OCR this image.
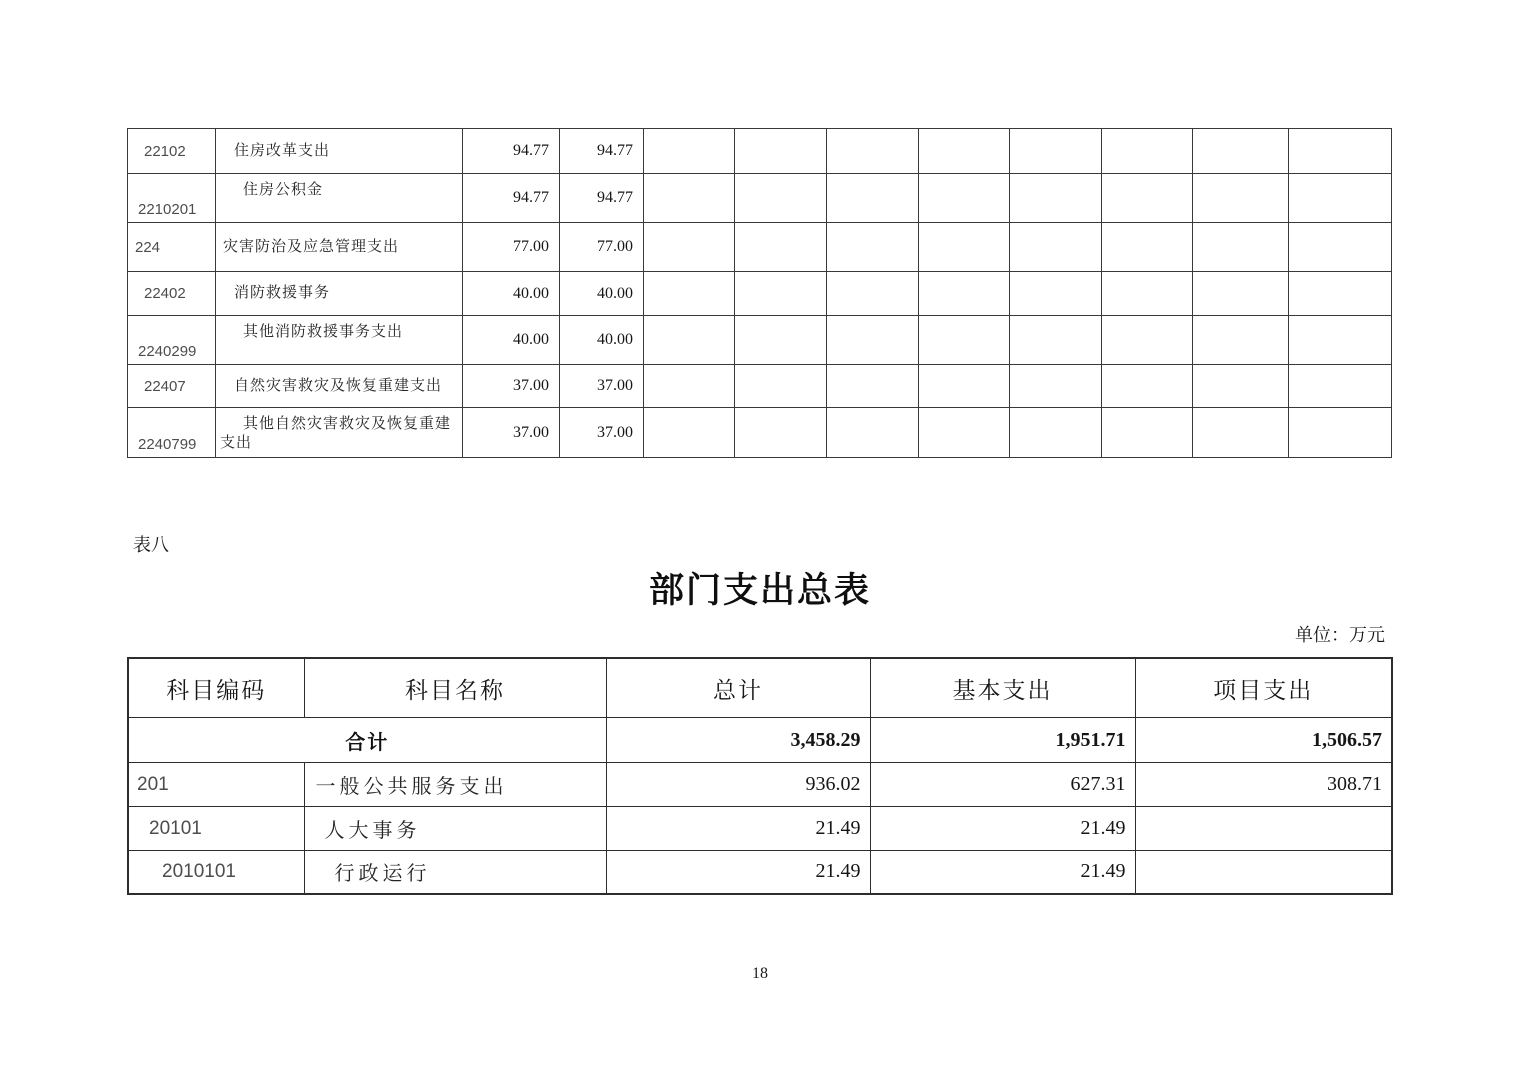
22102	住房改革支出	94.77	94.77								
2210201	住房公积金	94.77	94.77								
224	灾害防治及应急管理支出	77.00	77.00								
22402	消防救援事务	40.00	40.00								
2240299	其他消防救援事务支出	40.00	40.00								
22407	自然灾害救灾及恢复重建支出	37.00	37.00								
2240799	其他自然灾害救灾及恢复重建支出	37.00	37.00								
表八
部门支出总表
单位：万元
科目编码	科目名称	总计	基本支出	项目支出
合计		3,458.29	1,951.71	1,506.57
201	一般公共服务支出	936.02	627.31	308.71
20101	人大事务	21.49	21.49	
2010101	行政运行	21.49	21.49	
18
